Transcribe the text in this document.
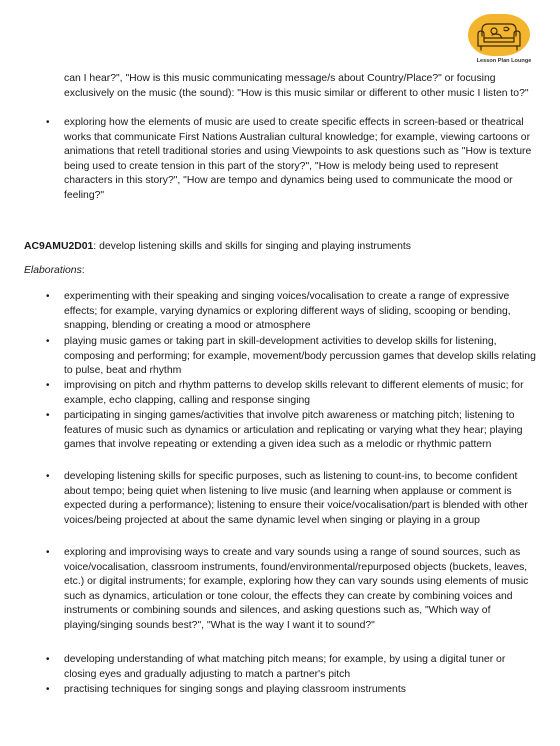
Lesson Plan Lounge
can I hear?", "How is this music communicating message/s about Country/Place?" or focusing exclusively on the music (the sound): "How is this music similar or different to other music I listen to?"
• exploring how the elements of music are used to create specific effects in screen-based or theatrical works that communicate First Nations Australian cultural knowledge; for example, viewing cartoons or animations that retell traditional stories and using Viewpoints to ask questions such as "How is texture being used to create tension in this part of the story?", "How is melody being used to represent characters in this story?", "How are tempo and dynamics being used to communicate the mood or feeling?"
AC9AMU2D01: develop listening skills and skills for singing and playing instruments
Elaborations:
• experimenting with their speaking and singing voices/vocalisation to create a range of expressive effects; for example, varying dynamics or exploring different ways of sliding, scooping or bending, snapping, blending or creating a mood or atmosphere
• playing music games or taking part in skill-development activities to develop skills for listening, composing and performing; for example, movement/body percussion games that develop skills relating to pulse, beat and rhythm
• improvising on pitch and rhythm patterns to develop skills relevant to different elements of music; for example, echo clapping, calling and response singing
• participating in singing games/activities that involve pitch awareness or matching pitch; listening to features of music such as dynamics or articulation and replicating or varying what they hear; playing games that involve repeating or extending a given idea such as a melodic or rhythmic pattern
• developing listening skills for specific purposes, such as listening to count-ins, to become confident about tempo; being quiet when listening to live music (and learning when applause or comment is expected during a performance); listening to ensure their voice/vocalisation/part is blended with other voices/being projected at about the same dynamic level when singing or playing in a group
• exploring and improvising ways to create and vary sounds using a range of sound sources, such as voice/vocalisation, classroom instruments, found/environmental/repurposed objects (buckets, leaves, etc.) or digital instruments; for example, exploring how they can vary sounds using elements of music such as dynamics, articulation or tone colour, the effects they can create by combining voices and instruments or combining sounds and silences, and asking questions such as, "Which way of playing/singing sounds best?", "What is the way I want it to sound?"
• developing understanding of what matching pitch means; for example, by using a digital tuner or closing eyes and gradually adjusting to match a partner's pitch
• practising techniques for singing songs and playing classroom instruments
